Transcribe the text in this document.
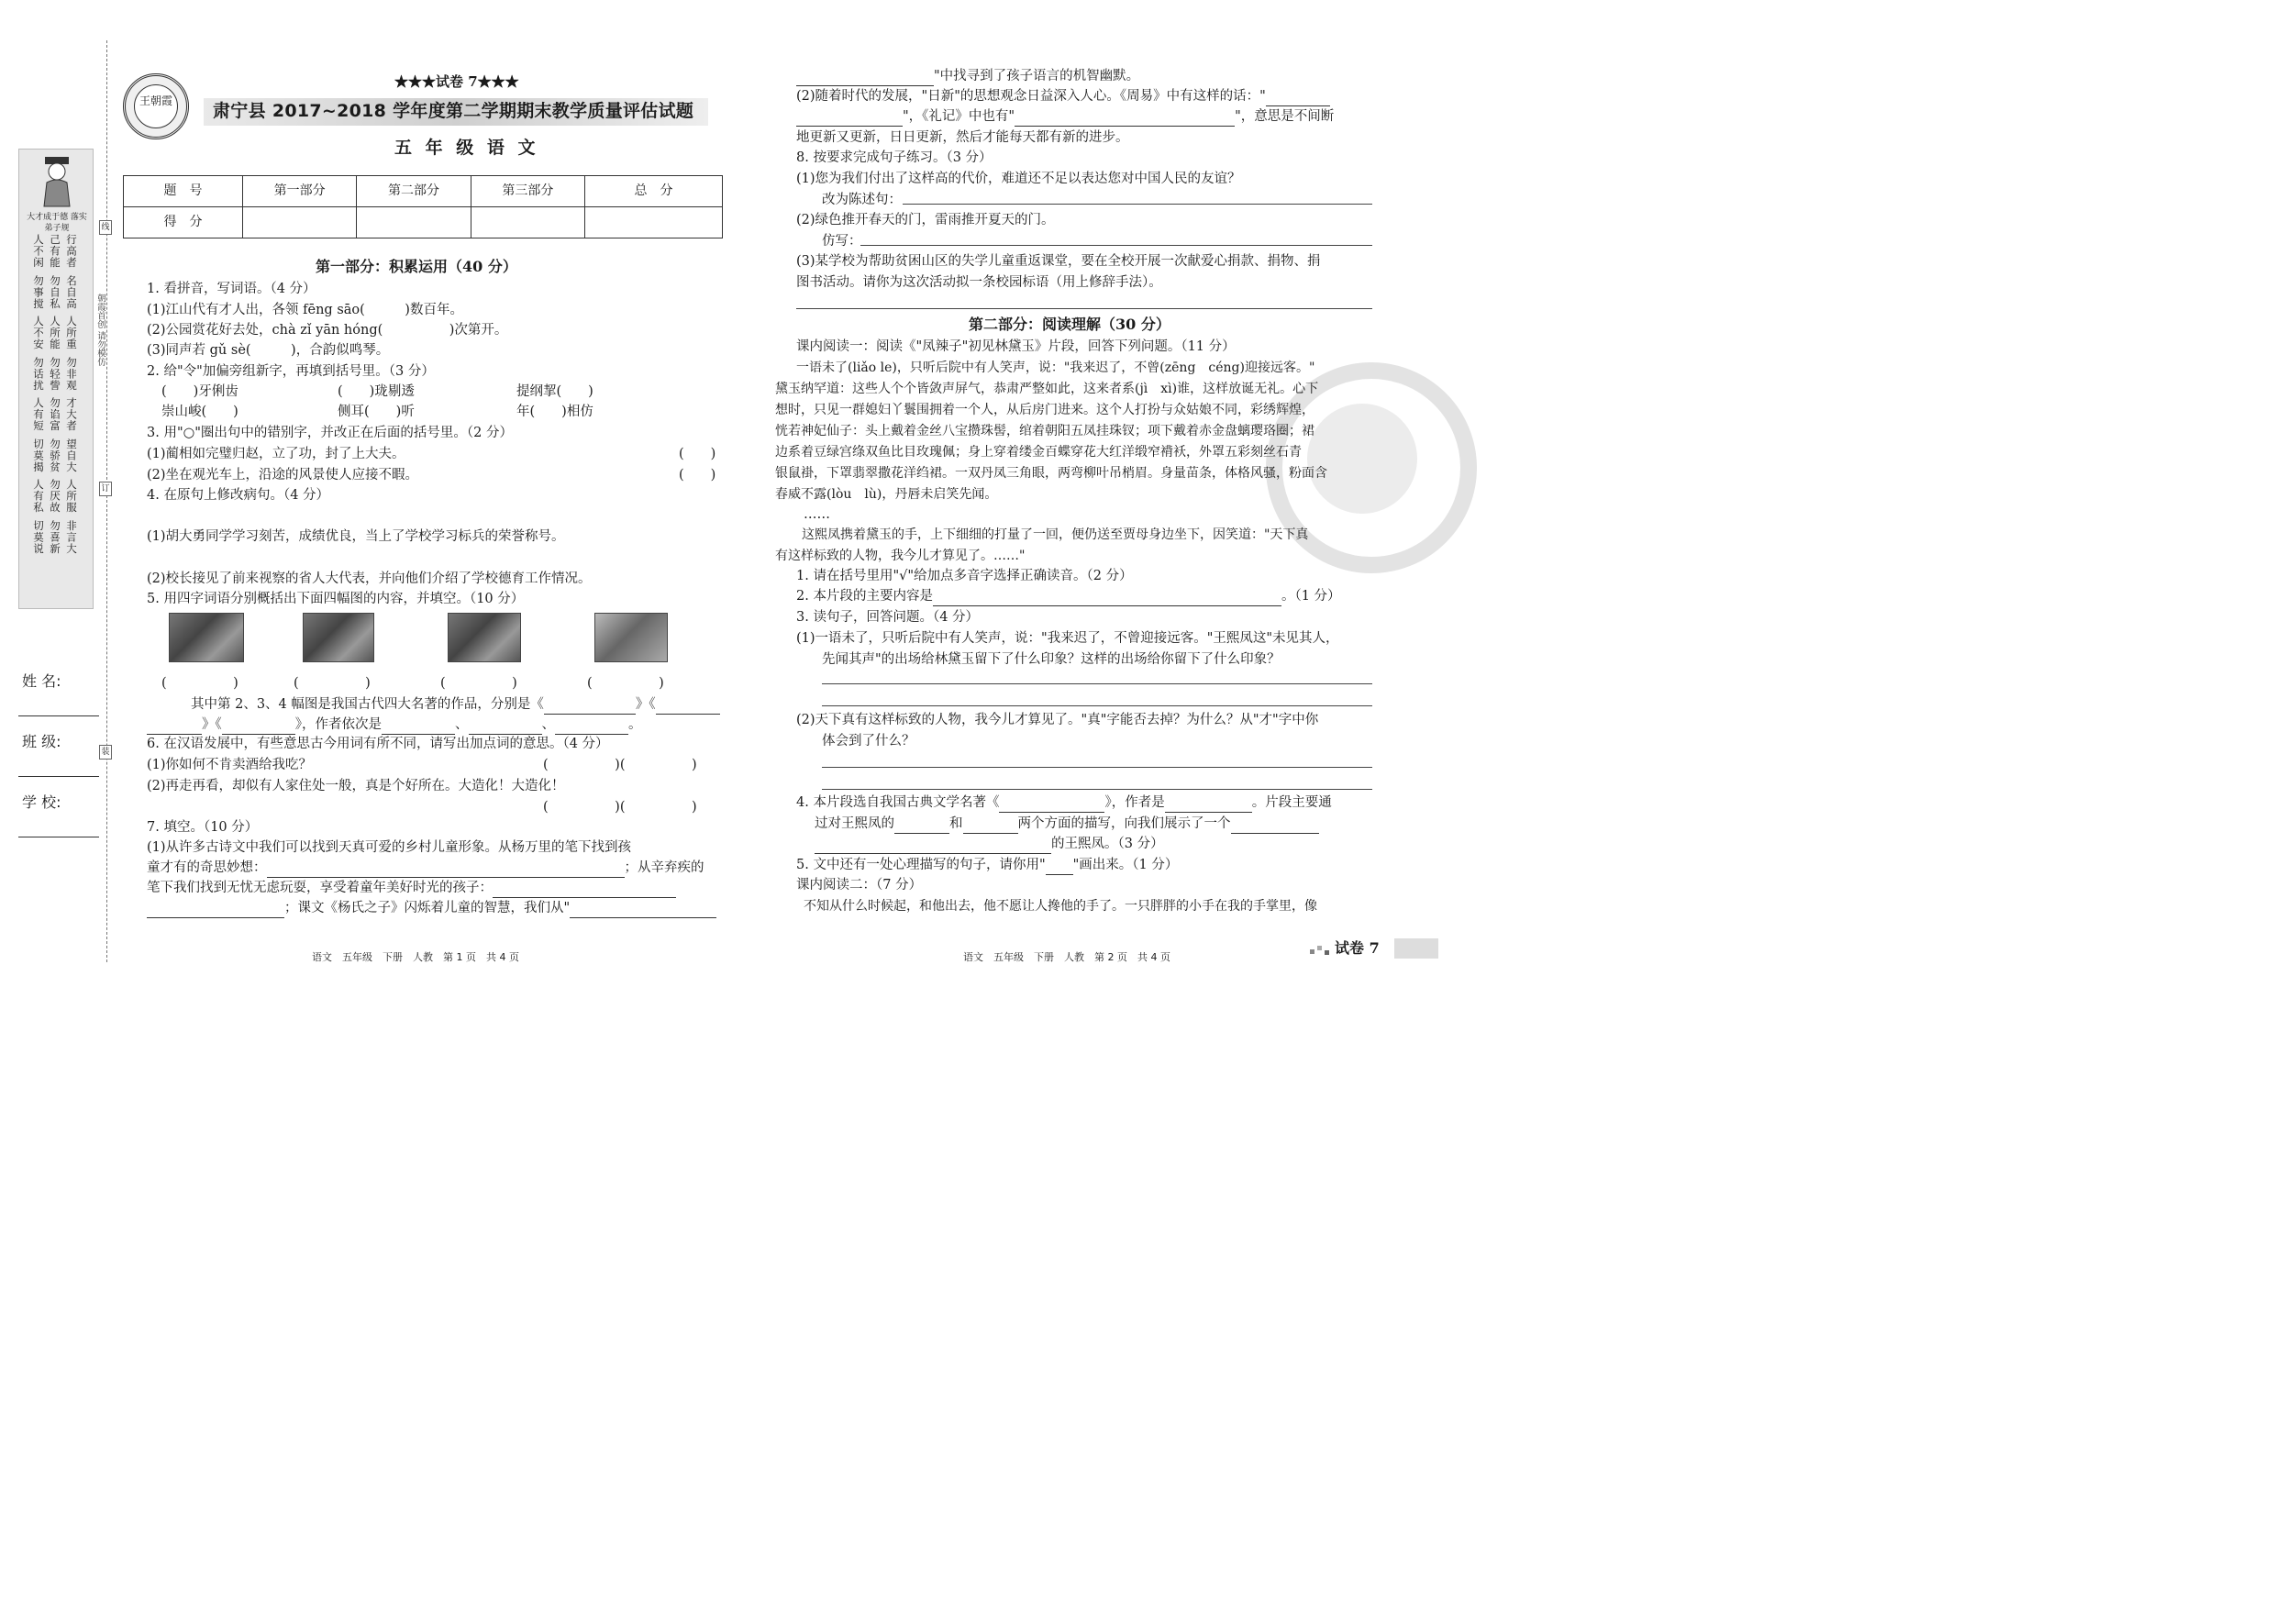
大才成于德 落实弟子规
人不闲 己有能 行高者
勿事搅 勿自私 名自高
人不安 人所能 人所重
勿话扰 勿轻訾 勿非观
人有短 勿谄富 才大者
切莫揭 勿骄贫 望自大
人有私 勿厌故 人所服
切莫说 勿喜新 非言大
线
订
装
朝霞首创 请勿模仿
姓 名:
班 级:
学 校:
王朝霞
★★★试卷 7★★★
肃宁县 2017~2018 学年度第二学期期末教学质量评估试题
五 年 级 语 文
题　号	第一部分	第二部分	第三部分	总　分
得　分				
第一部分：积累运用（40 分）
1. 看拼音，写词语。（4 分）
(1)江山代有才人出，各领 fēng sāo(　　　)数百年。
(2)公园赏花好去处，chà zǐ yān hóng(　　　　　)次第开。
(3)同声若 gǔ sè(　　　)，合韵似鸣琴。
2. 给"令"加偏旁组新字，再填到括号里。（3 分）
(　　)牙俐齿	(　　)珑剔透	提纲挈(　　)
崇山峻(　　)	侧耳(　　)听	年(　　)相仿
3. 用"○"圈出句中的错别字，并改正在后面的括号里。（2 分）
(1)蔺相如完璧归赵，立了功，封了上大夫。	(　　)
(2)坐在观光车上，沿途的风景使人应接不暇。	(　　)
4. 在原句上修改病句。（4 分）
(1)胡大勇同学学习刻苦，成绩优良，当上了学校学习标兵的荣誉称号。
(2)校长接见了前来视察的省人大代表，并向他们介绍了学校德育工作情况。
5. 用四字词语分别概括出下面四幅图的内容，并填空。（10 分）
(　　　　　)	(　　　　　)	(　　　　　)	(　　　　　)
其中第 2、3、4 幅图是我国古代四大名著的作品，分别是《	》《
》《	》，作者依次是	、	、	。
6. 在汉语发展中，有些意思古今用词有所不同，请写出加点词的意思。（4 分）
(1)你如何不肯卖酒给我吃？	(　　　　　)(　　　　　)
(2)再走再看，却似有人家住处一般，真是个好所在。大造化！大造化！
(　　　　　)(　　　　　)
7. 填空。（10 分）
(1)从许多古诗文中我们可以找到天真可爱的乡村儿童形象。从杨万里的笔下找到孩
童才有的奇思妙想：	；从辛弃疾的
笔下我们找到无忧无虑玩耍，享受着童年美好时光的孩子：
；课文《杨氏之子》闪烁着儿童的智慧，我们从"
语文　五年级　下册　人教　第 1 页　共 4 页
"中找寻到了孩子语言的机智幽默。
(2)随着时代的发展，"日新"的思想观念日益深入人心。《周易》中有这样的话："
"，《礼记》中也有"	"，意思是不间断
地更新又更新，日日更新，然后才能每天都有新的进步。
8. 按要求完成句子练习。（3 分）
(1)您为我们付出了这样高的代价，难道还不足以表达您对中国人民的友谊？
改为陈述句：
(2)绿色推开春天的门，雷雨推开夏天的门。
仿写：
(3)某学校为帮助贫困山区的失学儿童重返课堂，要在全校开展一次献爱心捐款、捐物、捐
图书活动。请你为这次活动拟一条校园标语（用上修辞手法）。
第二部分：阅读理解（30 分）
课内阅读一：阅读《"凤辣子"初见林黛玉》片段，回答下列问题。（11 分）
一语未了(liǎo le)，只听后院中有人笑声，说："我来迟了，不曾(zēng　céng)迎接远客。"
黛玉纳罕道：这些人个个皆敛声屏气，恭肃严整如此，这来者系(jì　xì)谁，这样放诞无礼。心下
想时，只见一群媳妇丫鬟围拥着一个人，从后房门进来。这个人打扮与众姑娘不同，彩绣辉煌，
恍若神妃仙子：头上戴着金丝八宝攒珠髻，绾着朝阳五凤挂珠钗；项下戴着赤金盘螭璎珞圈；裙
边系着豆绿宫绦双鱼比目玫瑰佩；身上穿着缕金百蝶穿花大红洋缎窄褙袄，外罩五彩刻丝石青
银鼠褂，下罩翡翠撒花洋绉裙。一双丹凤三角眼，两弯柳叶吊梢眉。身量苗条，体格风骚，粉面含
春威不露(lòu　lù)，丹唇未启笑先闻。
……
这熙凤携着黛玉的手，上下细细的打量了一回，便仍送至贾母身边坐下，因笑道："天下真
有这样标致的人物，我今儿才算见了。……"
1. 请在括号里用"√"给加点多音字选择正确读音。（2 分）
2. 本片段的主要内容是	。（1 分）
3. 读句子，回答问题。（4 分）
(1)一语未了，只听后院中有人笑声，说："我来迟了，不曾迎接远客。"王熙凤这"未见其人，
先闻其声"的出场给林黛玉留下了什么印象？这样的出场给你留下了什么印象？
(2)天下真有这样标致的人物，我今儿才算见了。"真"字能否去掉？为什么？从"才"字中你
体会到了什么？
4. 本片段选自我国古典文学名著《	》，作者是	。片段主要通
过对王熙凤的	和	两个方面的描写，向我们展示了一个
的王熙凤。（3 分）
5. 文中还有一处心理描写的句子，请你用" "画出来。（1 分）
课内阅读二：（7 分）
不知从什么时候起，和他出去，他不愿让人搀他的手了。一只胖胖的小手在我的手掌里，像
语文　五年级　下册　人教　第 2 页　共 4 页
试卷 7
